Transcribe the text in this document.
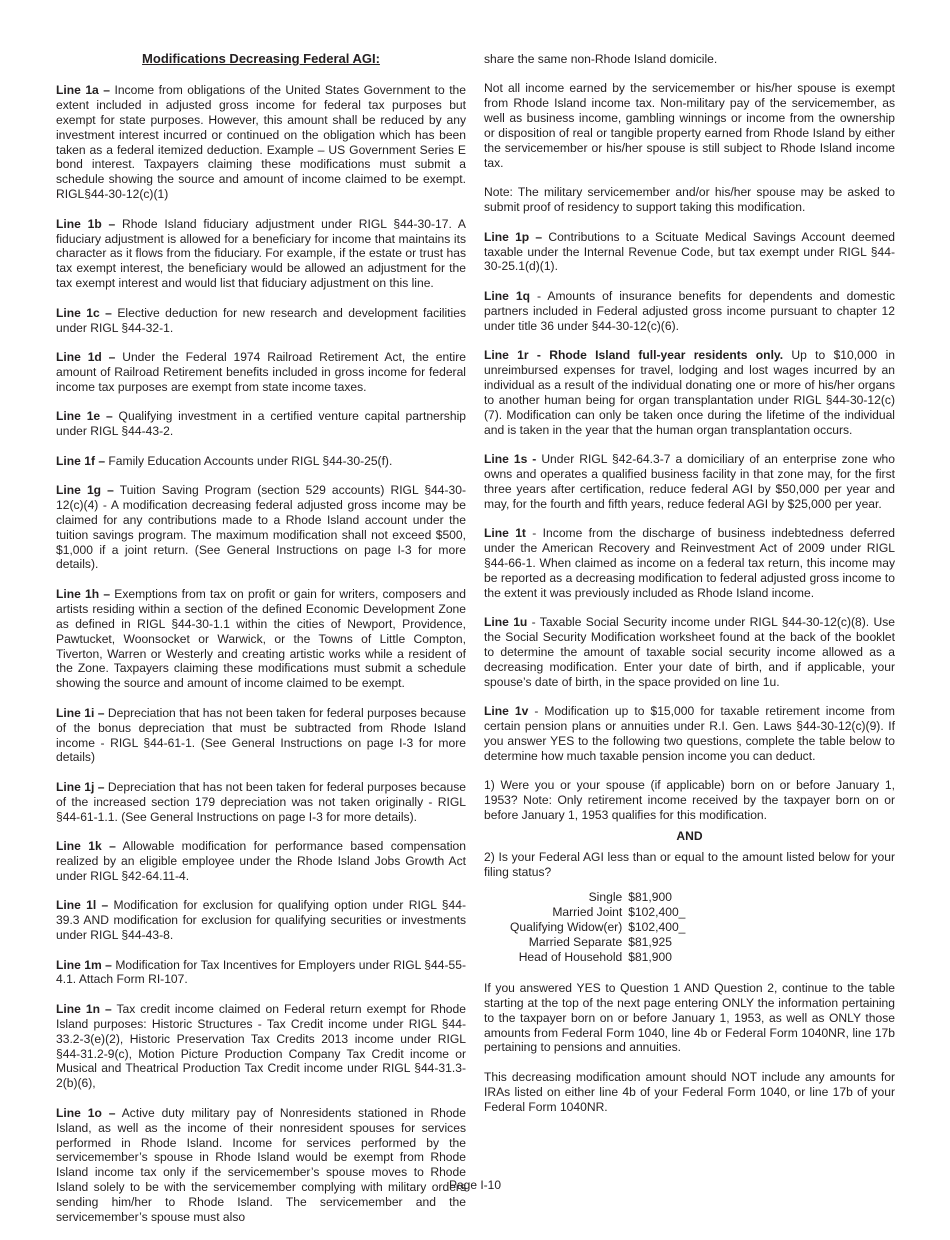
Modifications Decreasing Federal AGI:

Line 1a – Income from obligations of the United States Government to the extent included in adjusted gross income for federal tax purposes but exempt for state purposes. However, this amount shall be reduced by any investment interest incurred or continued on the obligation which has been taken as a federal itemized deduction. Example – US Government Series E bond interest. Taxpayers claiming these modifications must submit a schedule showing the source and amount of income claimed to be exempt. RIGL§44-30-12(c)(1)

Line 1b – Rhode Island fiduciary adjustment under RIGL §44-30-17. A fiduciary adjustment is allowed for a beneficiary for income that maintains its character as it flows from the fiduciary. For example, if the estate or trust has tax exempt interest, the beneficiary would be allowed an adjustment for the tax exempt interest and would list that fiduciary adjustment on this line.

Line 1c – Elective deduction for new research and development facilities under RIGL §44-32-1.

Line 1d – Under the Federal 1974 Railroad Retirement Act, the entire amount of Railroad Retirement benefits included in gross income for federal income tax purposes are exempt from state income taxes.

Line 1e – Qualifying investment in a certified venture capital partnership under RIGL §44-43-2.

Line 1f – Family Education Accounts under RIGL §44-30-25(f).

Line 1g – Tuition Saving Program (section 529 accounts) RIGL §44-30-12(c)(4) - A modification decreasing federal adjusted gross income may be claimed for any contributions made to a Rhode Island account under the tuition savings program. The maximum modification shall not exceed $500, $1,000 if a joint return. (See General Instructions on page I-3 for more details).

Line 1h – Exemptions from tax on profit or gain for writers, composers and artists residing within a section of the defined Economic Development Zone as defined in RIGL §44-30-1.1 within the cities of Newport, Providence, Pawtucket, Woonsocket or Warwick, or the Towns of Little Compton, Tiverton, Warren or Westerly and creating artistic works while a resident of the Zone. Taxpayers claiming these modifications must submit a schedule showing the source and amount of income claimed to be exempt.

Line 1i – Depreciation that has not been taken for federal purposes because of the bonus depreciation that must be subtracted from Rhode Island income - RIGL §44-61-1. (See General Instructions on page I-3 for more details)

Line 1j – Depreciation that has not been taken for federal purposes because of the increased section 179 depreciation was not taken originally - RIGL §44-61-1.1. (See General Instructions on page I-3 for more details).

Line 1k – Allowable modification for performance based compensation realized by an eligible employee under the Rhode Island Jobs Growth Act under RIGL §42-64.11-4.

Line 1l – Modification for exclusion for qualifying option under RIGL §44-39.3 AND modification for exclusion for qualifying securities or investments under RIGL §44-43-8.

Line 1m – Modification for Tax Incentives for Employers under RIGL §44-55-4.1. Attach Form RI-107.

Line 1n – Tax credit income claimed on Federal return exempt for Rhode Island purposes: Historic Structures - Tax Credit income under RIGL §44-33.2-3(e)(2), Historic Preservation Tax Credits 2013 income under RIGL §44-31.2-9(c), Motion Picture Production Company Tax Credit income or Musical and Theatrical Production Tax Credit income under RIGL §44-31.3-2(b)(6),

Line 1o – Active duty military pay of Nonresidents stationed in Rhode Island, as well as the income of their nonresident spouses for services performed in Rhode Island. Income for services performed by the servicemember’s spouse in Rhode Island would be exempt from Rhode Island income tax only if the servicemember’s spouse moves to Rhode Island solely to be with the servicemember complying with military orders sending him/her to Rhode Island. The servicemember and the servicemember’s spouse must also

share the same non-Rhode Island domicile.

Not all income earned by the servicemember or his/her spouse is exempt from Rhode Island income tax. Non-military pay of the servicemember, as well as business income, gambling winnings or income from the ownership or disposition of real or tangible property earned from Rhode Island by either the servicemember or his/her spouse is still subject to Rhode Island income tax.

Note: The military servicemember and/or his/her spouse may be asked to submit proof of residency to support taking this modification.

Line 1p – Contributions to a Scituate Medical Savings Account deemed taxable under the Internal Revenue Code, but tax exempt under RIGL §44-30-25.1(d)(1).

Line 1q - Amounts of insurance benefits for dependents and domestic partners included in Federal adjusted gross income pursuant to chapter 12 under title 36 under §44-30-12(c)(6).

Line 1r - Rhode Island full-year residents only. Up to $10,000 in unreimbursed expenses for travel, lodging and lost wages incurred by an individual as a result of the individual donating one or more of his/her organs to another human being for organ transplantation under RIGL §44-30-12(c)(7). Modification can only be taken once during the lifetime of the individual and is taken in the year that the human organ transplantation occurs.

Line 1s - Under RIGL §42-64.3-7 a domiciliary of an enterprise zone who owns and operates a qualified business facility in that zone may, for the first three years after certification, reduce federal AGI by $50,000 per year and may, for the fourth and fifth years, reduce federal AGI by $25,000 per year.

Line 1t - Income from the discharge of business indebtedness deferred under the American Recovery and Reinvestment Act of 2009 under RIGL §44-66-1. When claimed as income on a federal tax return, this income may be reported as a decreasing modification to federal adjusted gross income to the extent it was previously included as Rhode Island income.

Line 1u - Taxable Social Security income under RIGL §44-30-12(c)(8). Use the Social Security Modification worksheet found at the back of the booklet to determine the amount of taxable social security income allowed as a decreasing modification. Enter your date of birth, and if applicable, your spouse’s date of birth, in the space provided on line 1u.

Line 1v - Modification up to $15,000 for taxable retirement income from certain pension plans or annuities under R.I. Gen. Laws §44-30-12(c)(9). If you answer YES to the following two questions, complete the table below to determine how much taxable pension income you can deduct.

1) Were you or your spouse (if applicable) born on or before January 1, 1953? Note: Only retirement income received by the taxpayer born on or before January 1, 1953 qualifies for this modification.

AND

2) Is your Federal AGI less than or equal to the amount listed below for your filing status?

Single	$81,900
Married Joint	$102,400_
Qualifying Widow(er)	$102,400_
Married Separate	$81,925
Head of Household	$81,900

If you answered YES to Question 1 AND Question 2, continue to the table starting at the top of the next page entering ONLY the information pertaining to the taxpayer born on or before January 1, 1953, as well as ONLY those amounts from Federal Form 1040, line 4b or Federal Form 1040NR, line 17b pertaining to pensions and annuities.

This decreasing modification amount should NOT include any amounts for IRAs listed on either line 4b of your Federal Form 1040, or line 17b of your Federal Form 1040NR.

Page I-10
